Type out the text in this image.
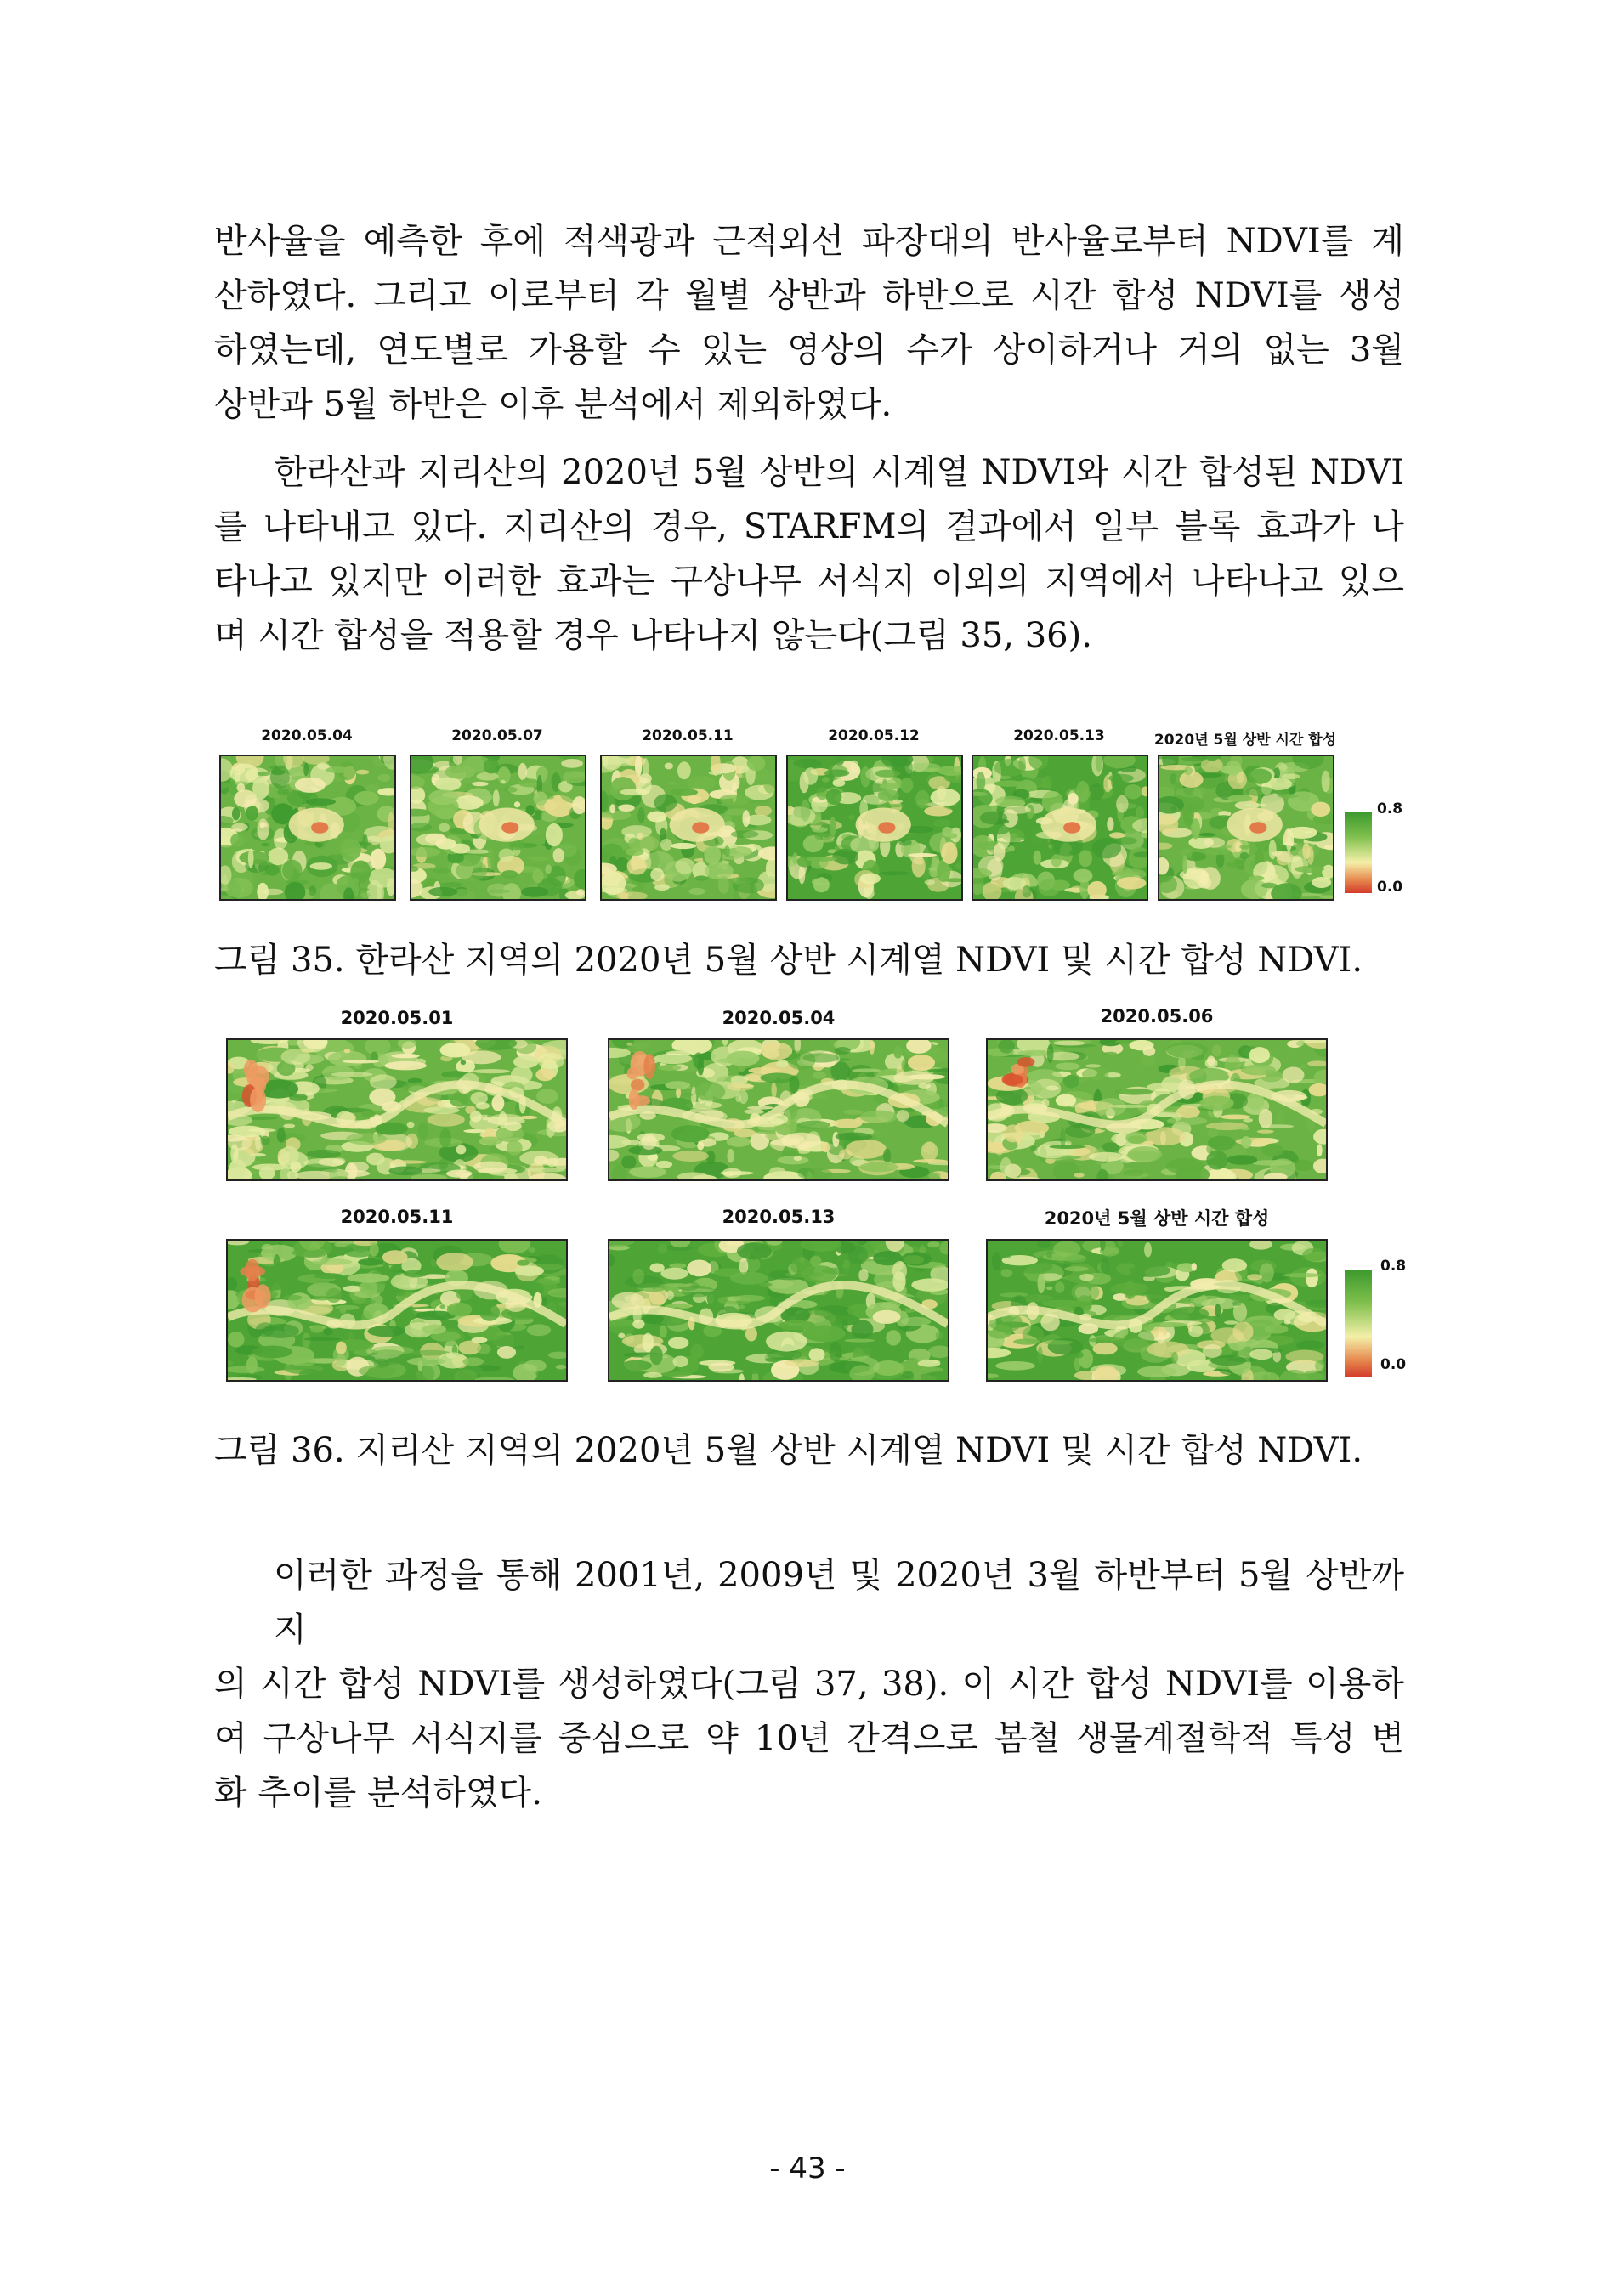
반사율을 예측한 후에 적색광과 근적외선 파장대의 반사율로부터 NDVI를 계
산하였다. 그리고 이로부터 각 월별 상반과 하반으로 시간 합성 NDVI를 생성
하였는데, 연도별로 가용할 수 있는 영상의 수가 상이하거나 거의 없는 3월
상반과 5월 하반은 이후 분석에서 제외하였다.
한라산과 지리산의 2020년 5월 상반의 시계열 NDVI와 시간 합성된 NDVI
를 나타내고 있다. 지리산의 경우, STARFM의 결과에서 일부 블록 효과가 나
타나고 있지만 이러한 효과는 구상나무 서식지 이외의 지역에서 나타나고 있으
며 시간 합성을 적용할 경우 나타나지 않는다(그림 35, 36).
2020.05.04	2020.05.07	2020.05.11	2020.05.12	2020.05.13	2020년 5월 상반 시간 합성
0.8
0.0
그림 35. 한라산 지역의 2020년 5월 상반 시계열 NDVI 및 시간 합성 NDVI.
2020.05.01	2020.05.04	2020.05.06
2020.05.11	2020.05.13	2020년 5월 상반 시간 합성
0.8
0.0
그림 36. 지리산 지역의 2020년 5월 상반 시계열 NDVI 및 시간 합성 NDVI.
이러한 과정을 통해 2001년, 2009년 및 2020년 3월 하반부터 5월 상반까지
의 시간 합성 NDVI를 생성하였다(그림 37, 38). 이 시간 합성 NDVI를 이용하
여 구상나무 서식지를 중심으로 약 10년 간격으로 봄철 생물계절학적 특성 변
화 추이를 분석하였다.
- 43 -
